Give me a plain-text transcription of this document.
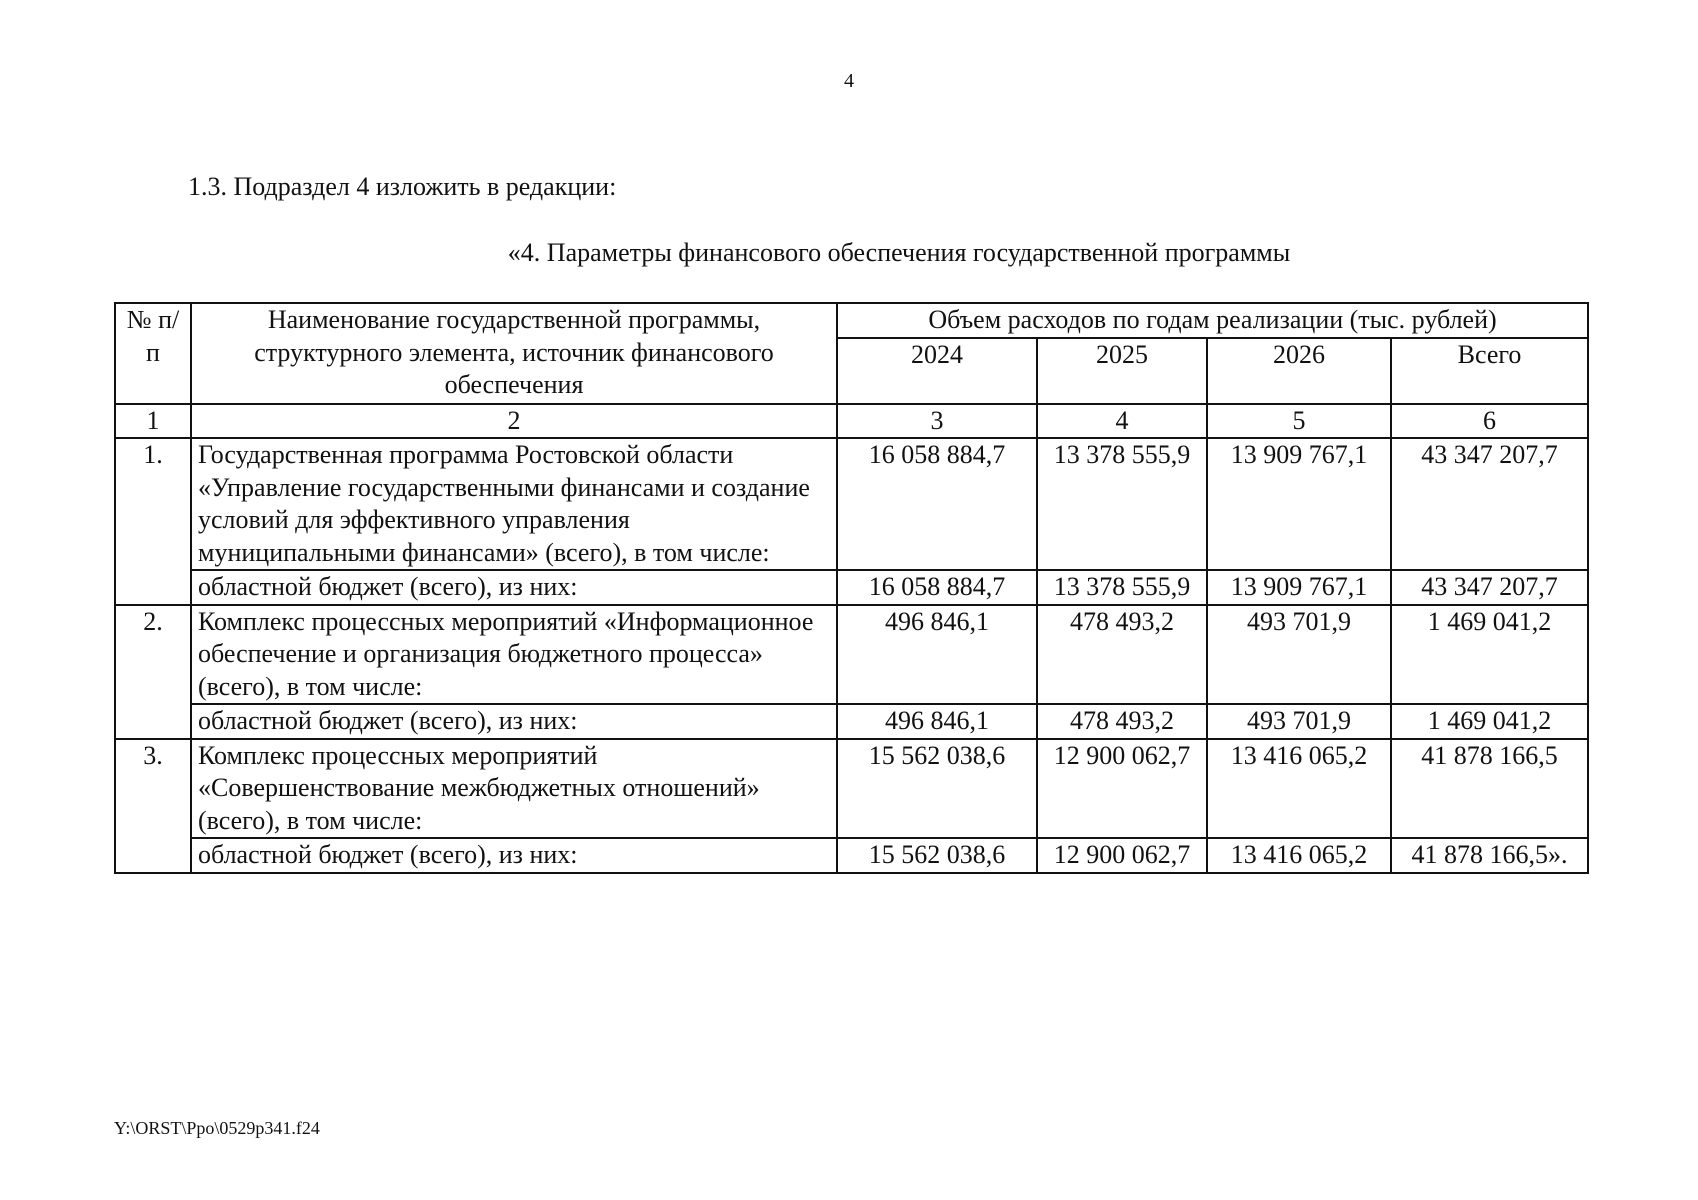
4
1.3. Подраздел 4 изложить в редакции:
«4. Параметры финансового обеспечения государственной программы
№ п/п	Наименование государственной программы, структурного элемента, источник финансового обеспечения	Объем расходов по годам реализации (тыс. рублей)			
		2024	2025	2026	Всего
1	2	3	4	5	6
1.	Государственная программа Ростовской области «Управление государственными финансами и создание условий для эффективного управления муниципальными финансами» (всего), в том числе:	16 058 884,7	13 378 555,9	13 909 767,1	43 347 207,7
	областной бюджет (всего), из них:	16 058 884,7	13 378 555,9	13 909 767,1	43 347 207,7
2.	Комплекс процессных мероприятий «Информационное обеспечение и организация бюджетного процесса» (всего), в том числе:	496 846,1	478 493,2	493 701,9	1 469 041,2
	областной бюджет (всего), из них:	496 846,1	478 493,2	493 701,9	1 469 041,2
3.	Комплекс процессных мероприятий «Совершенствование межбюджетных отношений» (всего), в том числе:	15 562 038,6	12 900 062,7	13 416 065,2	41 878 166,5
	областной бюджет (всего), из них:	15 562 038,6	12 900 062,7	13 416 065,2	41 878 166,5».
Y:\ORST\Ppo\0529p341.f24
